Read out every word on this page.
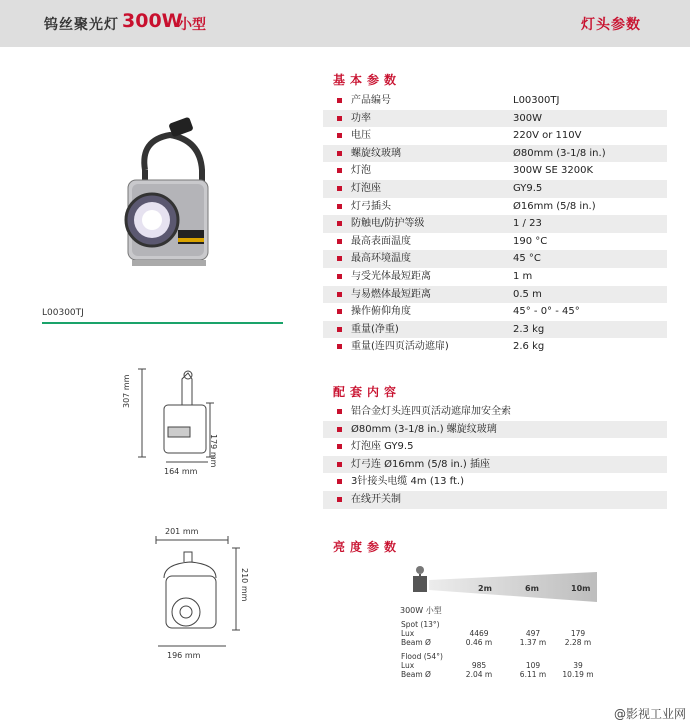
钨丝聚光灯 300W
小型	灯头参数
L00300TJ
307 mm
179 mm
164 mm
201 mm
210 mm
196 mm
基本参数
产品编号	L00300TJ
功率	300W
电压	220V or 110V
螺旋纹玻璃	Ø80mm (3-1/8 in.)
灯泡	300W SE 3200K
灯泡座	GY9.5
灯弓插头	Ø16mm (5/8 in.)
防触电/防护等级	1 / 23
最高表面温度	190 °C
最高环境温度	45 °C
与受光体最短距离	1 m
与易燃体最短距离	0.5 m
操作俯仰角度	45° - 0° - 45°
重量(净重)	2.3 kg
重量(连四页活动遮扉)	2.6 kg
配套内容
铝合金灯头连四页活动遮扉加安全索
Ø80mm (3-1/8 in.) 螺旋纹玻璃
灯泡座 GY9.5
灯弓连 Ø16mm (5/8 in.) 插座
3针接头电缆 4m (13 ft.)
在线开关制
亮度参数
2m	6m	10m
300W 小型
Spot (13°)
Lux	4469	497	179
Beam Ø	0.46 m	1.37 m	2.28 m
Flood (54°)
Lux	985	109	39
Beam Ø	2.04 m	6.11 m	10.19 m
@影视工业网
